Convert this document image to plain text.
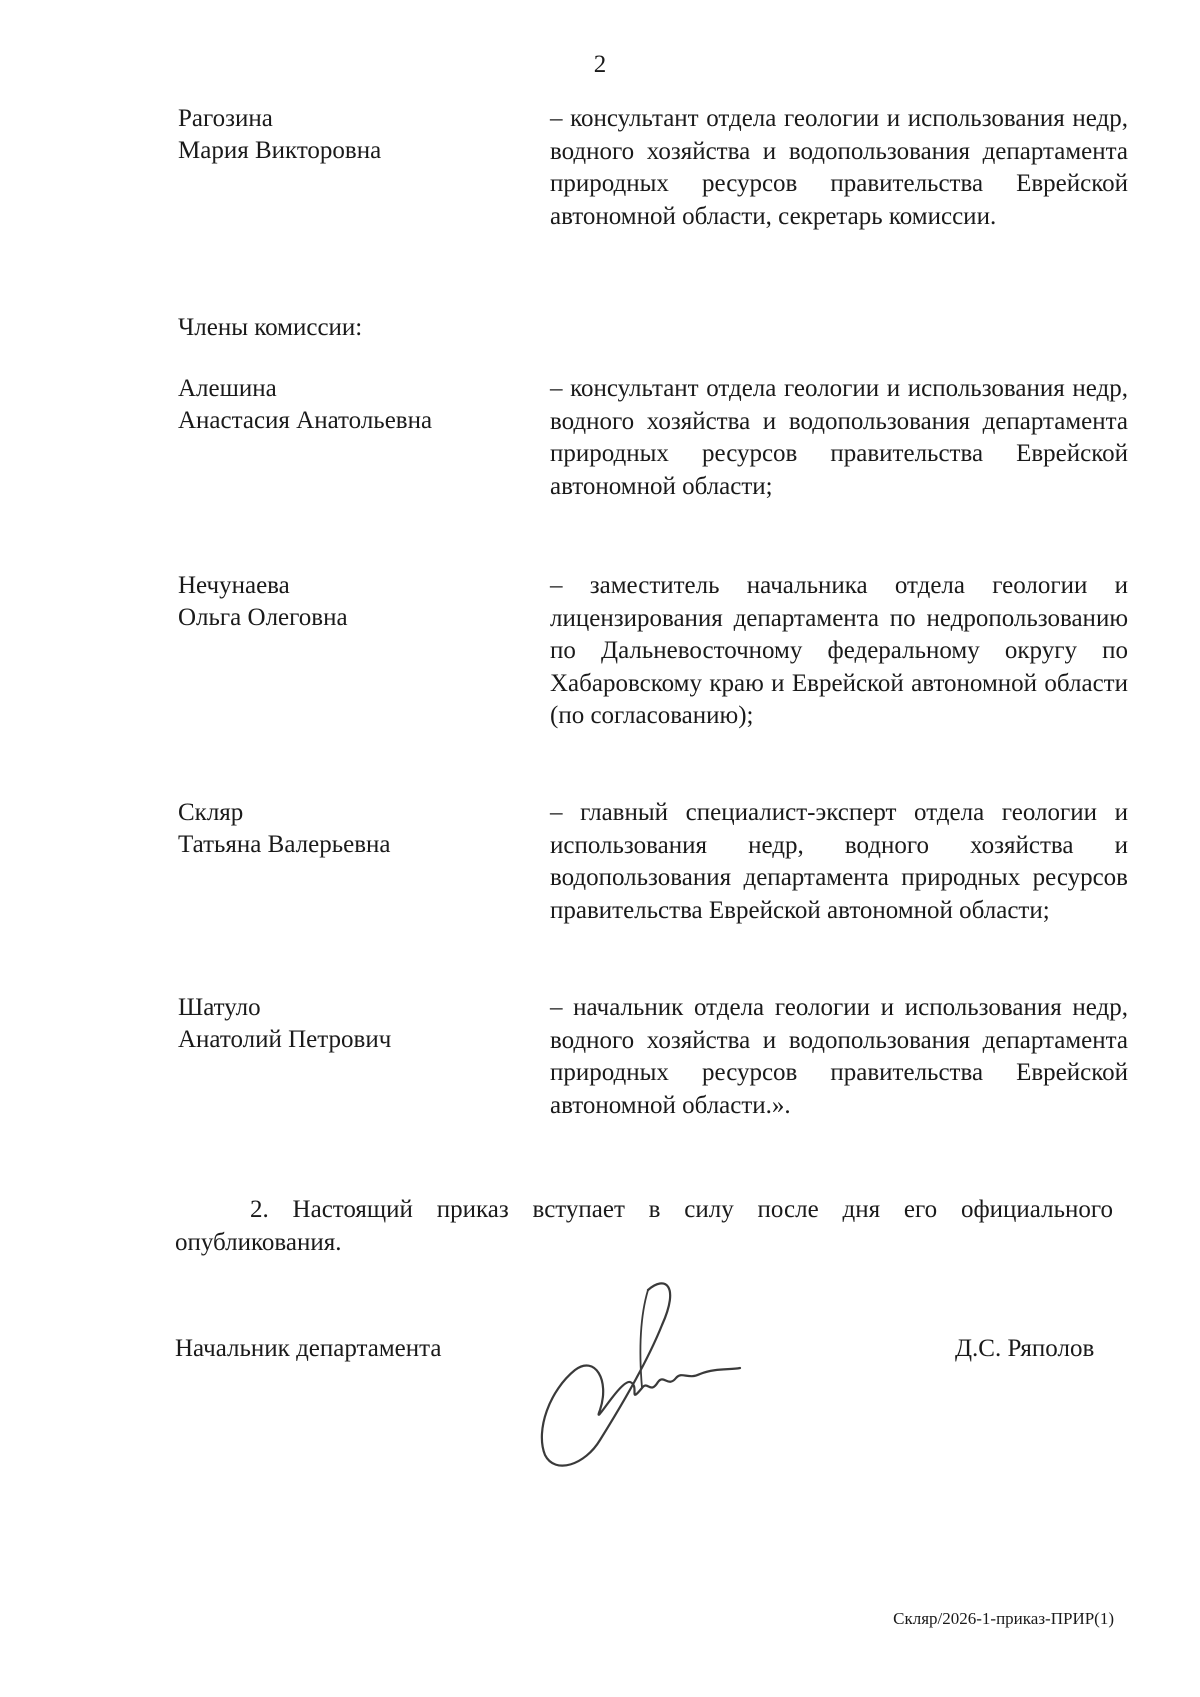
2
Рагозина
Мария Викторовна
– консультант отдела геологии и использования недр, водного хозяйства и водопользования департамента природных ресурсов правительства Еврейской автономной области, секретарь комиссии.
Члены комиссии:
Алешина
Анастасия Анатольевна
– консультант отдела геологии и использования недр, водного хозяйства и водопользования департамента природных ресурсов правительства Еврейской автономной области;
Нечунаева
Ольга Олеговна
– заместитель начальника отдела геологии и лицензирования департамента по недропользованию по Дальневосточному федеральному округу по Хабаровскому краю и Еврейской автономной области (по согласованию);
Скляр
Татьяна Валерьевна
– главный специалист-эксперт отдела геологии и использования недр, водного хозяйства и водопользования департамента природных ресурсов правительства Еврейской автономной области;
Шатуло
Анатолий Петрович
– начальник отдела геологии и использования недр, водного хозяйства и водопользования департамента природных ресурсов правительства Еврейской автономной области.».
2. Настоящий приказ вступает в силу после дня его официального опубликования.
Начальник департамента	Д.С. Ряполов
Скляр/2026-1-приказ-ПРИР(1)
